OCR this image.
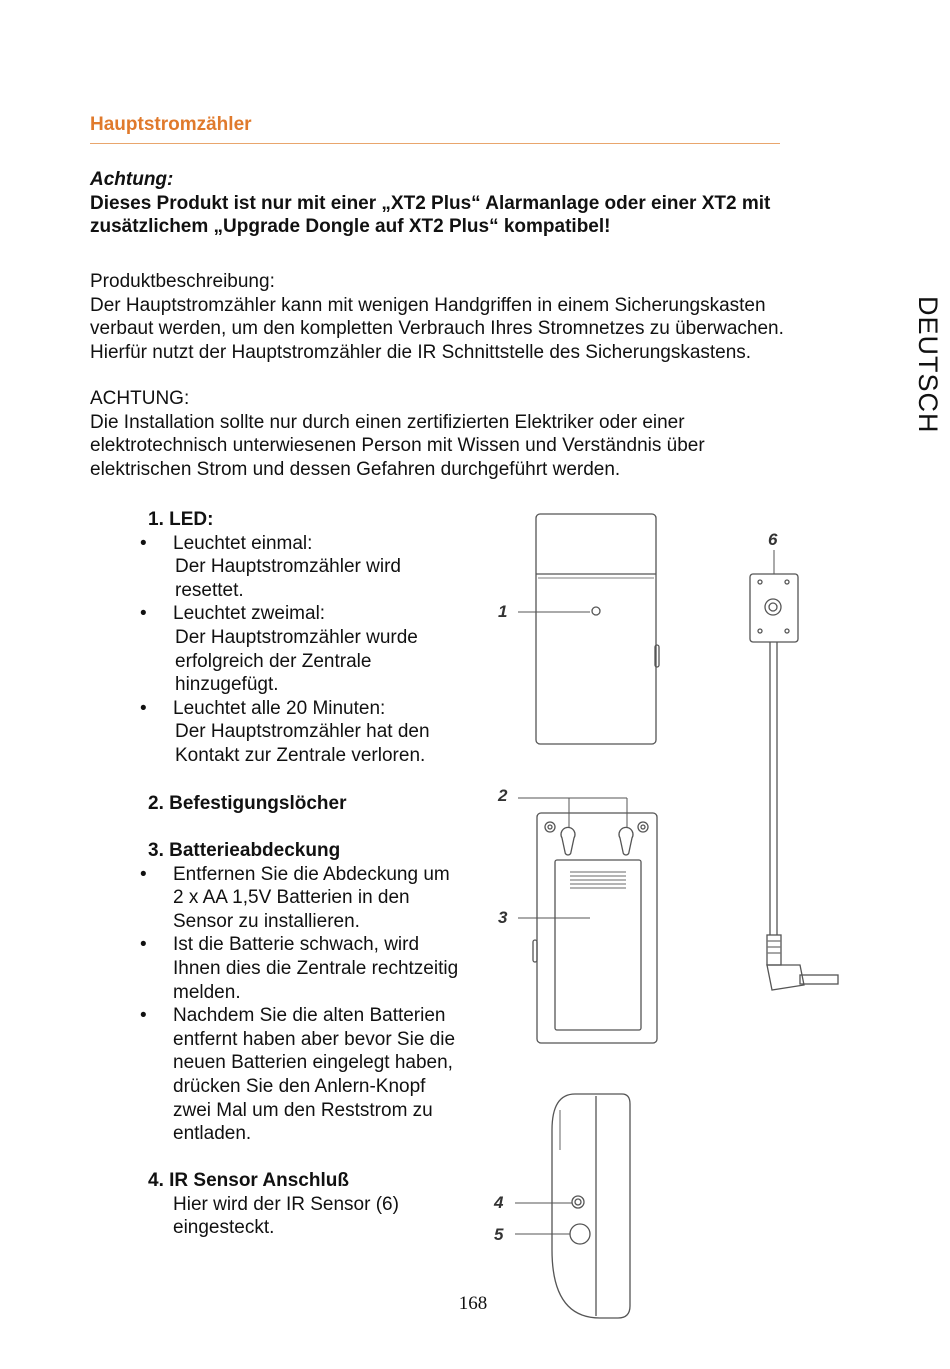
Hauptstromzähler
DEUTSCH
Achtung:
Dieses Produkt ist nur mit einer „XT2 Plus“ Alarmanlage oder einer XT2 mit
zusätzlichem „Upgrade Dongle auf XT2 Plus“ kompatibel!
Produktbeschreibung:
Der Hauptstromzähler kann mit wenigen Handgriffen in einem Sicherungskasten
verbaut werden, um den kompletten Verbrauch Ihres Stromnetzes zu überwachen.
Hierfür nutzt der Hauptstromzähler die IR Schnittstelle des Sicherungskastens.
ACHTUNG:
Die Installation sollte nur durch einen zertifizierten Elektriker oder einer
elektrotechnisch unterwiesenen Person mit Wissen und Verständnis über
elektrischen Strom und dessen Gefahren durchgeführt werden.
1. LED:
• Leuchtet einmal:
Der Hauptstromzähler wird
resettet.
• Leuchtet zweimal:
Der Hauptstromzähler wurde
erfolgreich der Zentrale
hinzugefügt.
• Leuchtet alle 20 Minuten:
Der Hauptstromzähler hat den
Kontakt zur Zentrale verloren.
2. Befestigungslöcher
3. Batterieabdeckung
• Entfernen Sie die Abdeckung um
2 x AA 1,5V Batterien in den
Sensor zu installieren.
• Ist die Batterie schwach, wird
Ihnen dies die Zentrale rechtzeitig
melden.
• Nachdem Sie die alten Batterien
entfernt haben aber bevor Sie die
neuen Batterien eingelegt haben,
drücken Sie den Anlern-Knopf
zwei Mal um den Reststrom zu
entladen.
4. IR Sensor Anschluß
Hier wird der IR Sensor (6)
eingesteckt.
1
2
3
4
5
6
168
